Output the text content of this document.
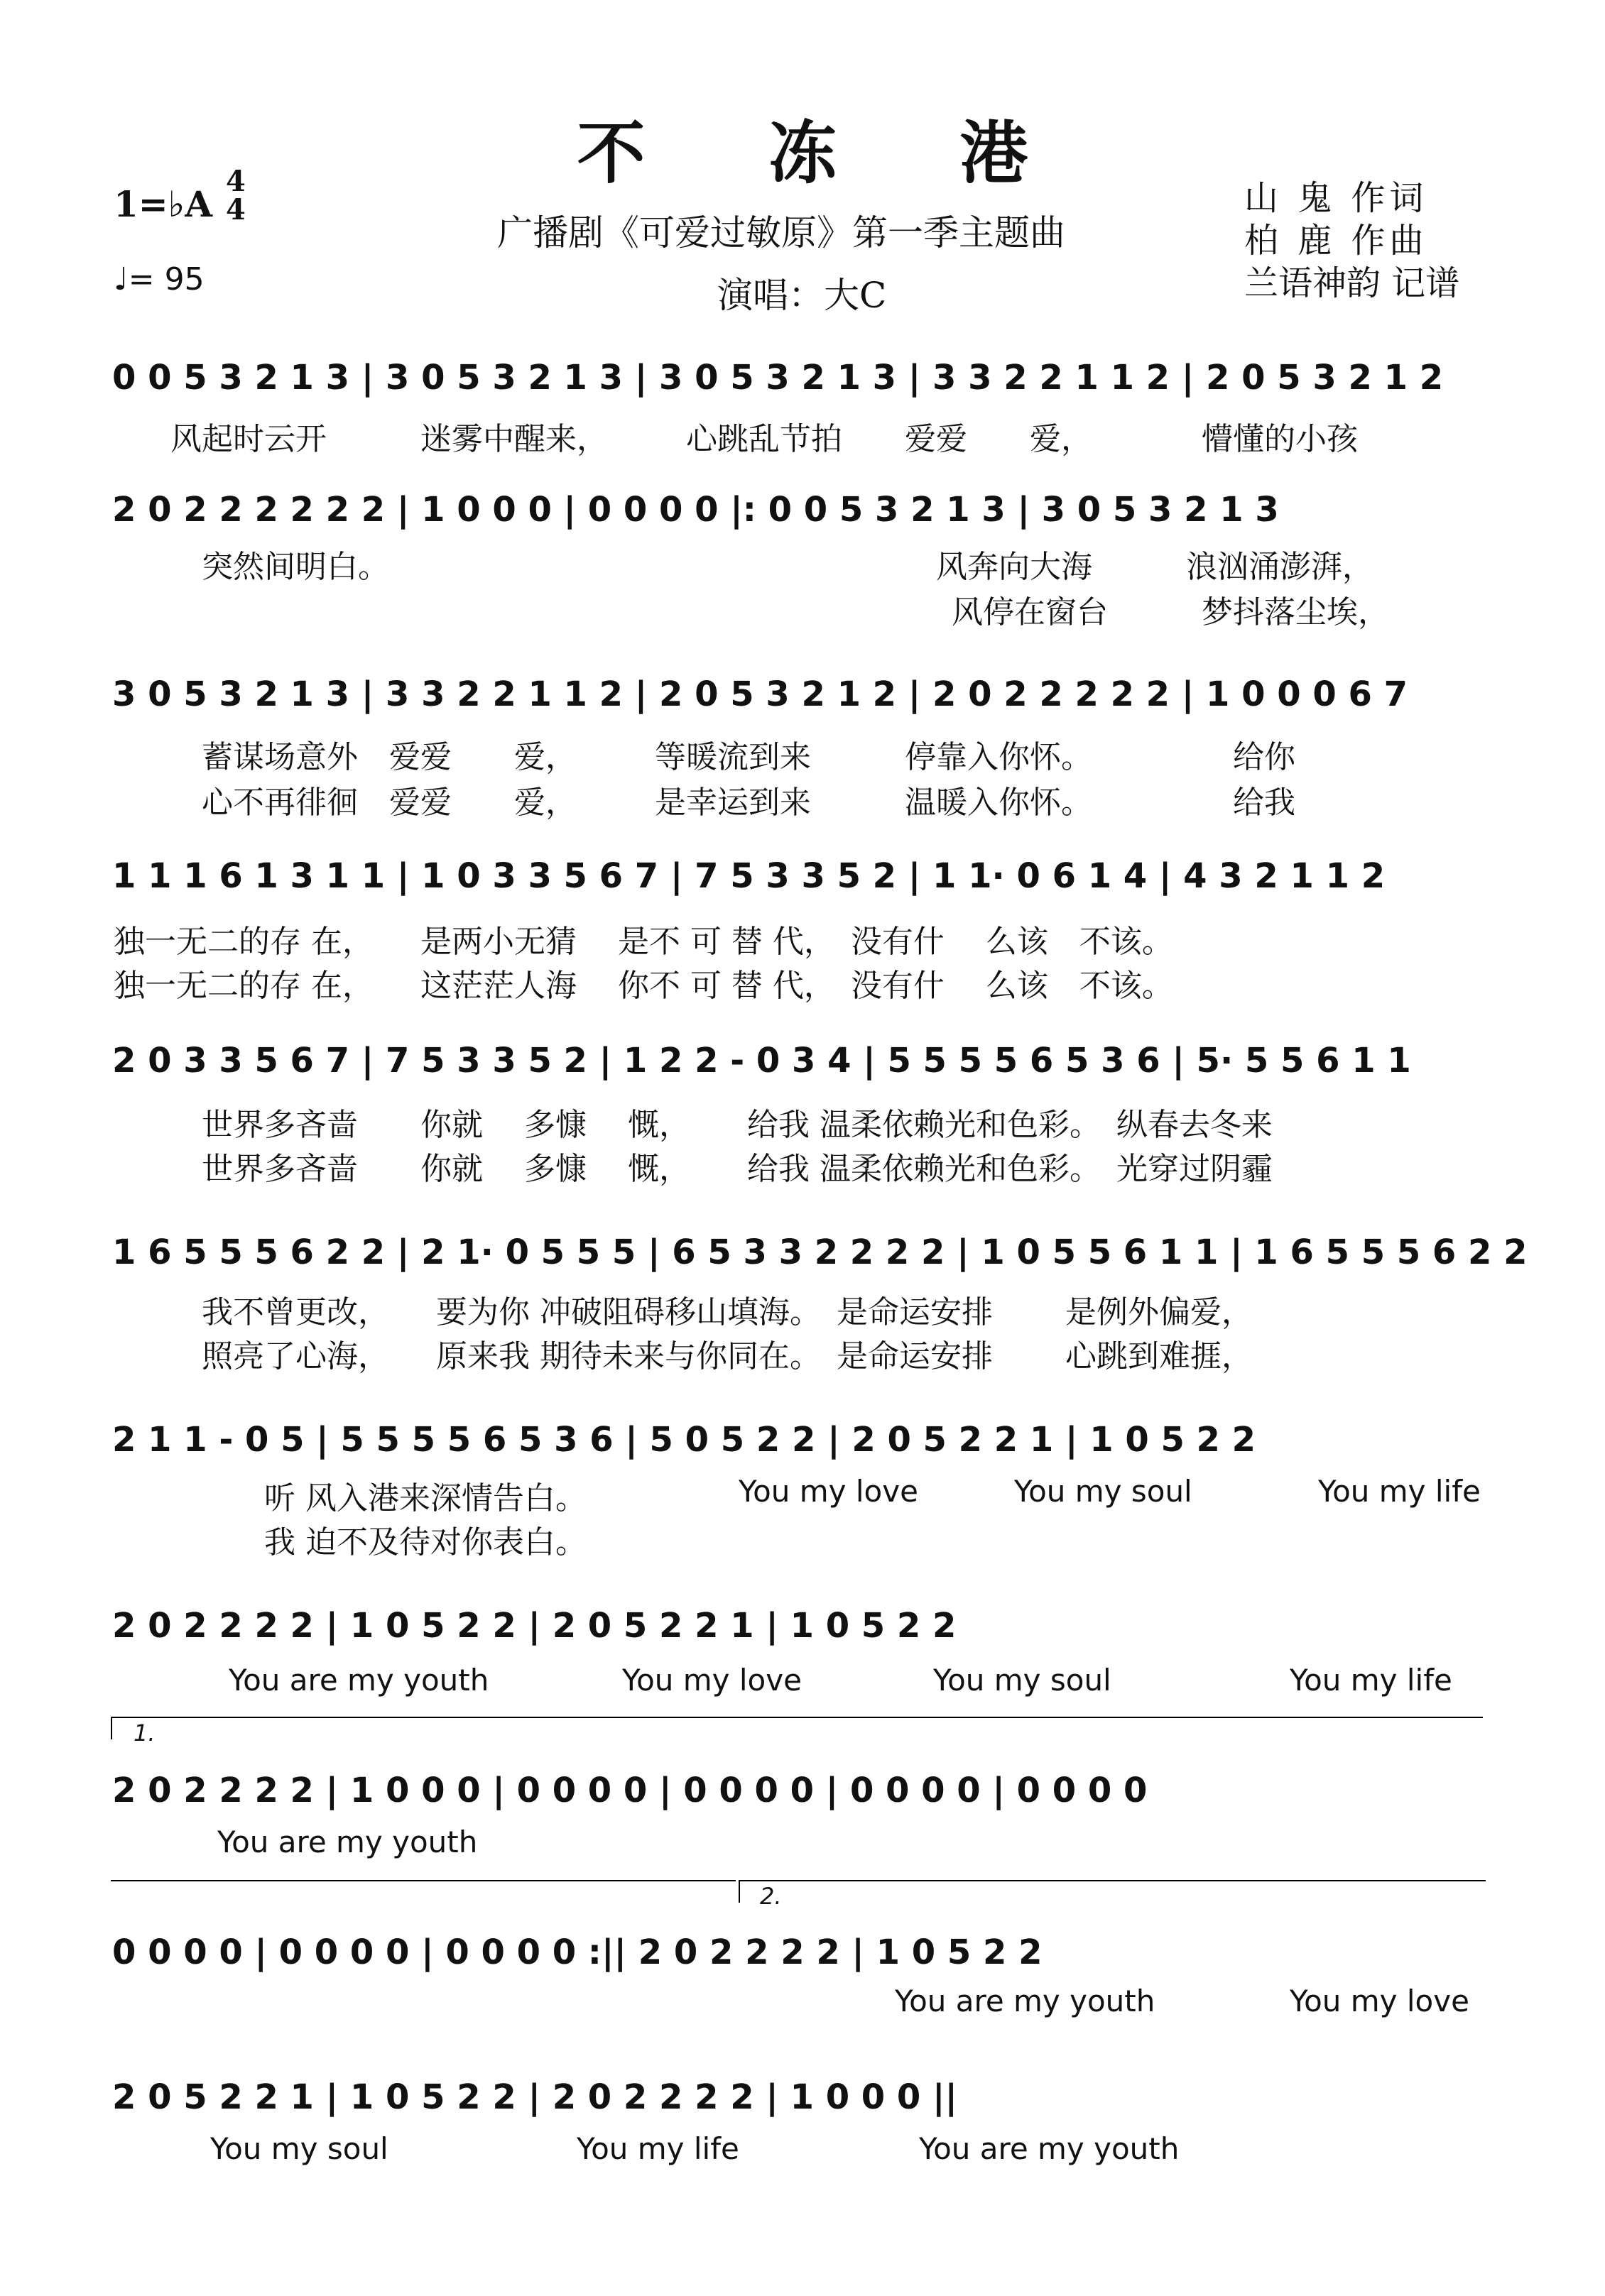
不 冻 港
1=♭A
4
4
♩= 95
广播剧《可爱过敏原》第一季主题曲
演唱：大C
山 鬼 作词
柏 鹿 作曲
兰语神韵 记谱
0 0 5 3 2 1 3 | 3 0 5 3 2 1 3 | 3 0 5 3 2 1 3 | 3 3 2 2 1 1 2 | 2 0 5 3 2 1 2
风起时云开　　　迷雾中醒来，　　　心跳乱节拍　　爱爱　　爱，　　　　懵懂的小孩
2 0 2 2 2 2 2 2 | 1 0 0 0 | 0 0 0 0 |: 0 0 5 3 2 1 3 | 3 0 5 3 2 1 3
　突然间明白。　　　　　　　　　　　　　　　　　　风奔向大海　　　浪汹涌澎湃，
　　　　　　　　　　　　　　　　　　　　　　　　　风停在窗台　　　梦抖落尘埃，
3 0 5 3 2 1 3 | 3 3 2 2 1 1 2 | 2 0 5 3 2 1 2 | 2 0 2 2 2 2 2 | 1 0 0 0 6 7
　蓄谋场意外　爱爱　　爱，　　　等暖流到来　　　停靠入你怀。　　　　　给你
　心不再徘徊　爱爱　　爱，　　　是幸运到来　　　温暖入你怀。　　　　　给我
1 1 1 6 1 3 1 1 | 1 0 3 3 5 6 7 | 7 5 3 3 5 2 | 1 1· 0 6 1 4 | 4 3 2 1 1 2
独一无二的存 在，　　是两小无猜　 是不 可 替 代，　没有什　 么该　不该。
独一无二的存 在，　　这茫茫人海　 你不 可 替 代，　没有什　 么该　不该。
2 0 3 3 5 6 7 | 7 5 3 3 5 2 | 1 2 2 - 0 3 4 | 5 5 5 5 6 5 3 6 | 5· 5 5 6 1 1
　世界多吝啬　　你就　 多慷　 慨，　　 给我 温柔依赖光和色彩。　纵春去冬来
　世界多吝啬　　你就　 多慷　 慨，　　 给我 温柔依赖光和色彩。　光穿过阴霾
1 6 5 5 5 6 2 2 | 2 1· 0 5 5 5 | 6 5 3 3 2 2 2 2 | 1 0 5 5 6 1 1 | 1 6 5 5 5 6 2 2
　我不曾更改，　　要为你 冲破阻碍移山填海。　是命运安排　　 是例外偏爱，
　照亮了心海，　　原来我 期待未来与你同在。　是命运安排　　 心跳到难捱，
2 1 1 - 0 5 | 5 5 5 5 6 5 3 6 | 5 0 5 2 2 | 2 0 5 2 2 1 | 1 0 5 2 2
　　　听 风入港来深情告白。
　　　我 迫不及待对你表白。
You my love	You my soul	You my life
2 0 2 2 2 2 | 1 0 5 2 2 | 2 0 5 2 2 1 | 1 0 5 2 2
You are my youth	You my love	You my soul	You my life
1.
2 0 2 2 2 2 | 1 0 0 0 | 0 0 0 0 | 0 0 0 0 | 0 0 0 0 | 0 0 0 0
You are my youth
2.
0 0 0 0 | 0 0 0 0 | 0 0 0 0 :|| 2 0 2 2 2 2 | 1 0 5 2 2
You are my youth	You my love
2 0 5 2 2 1 | 1 0 5 2 2 | 2 0 2 2 2 2 | 1 0 0 0 ||
You my soul	You my life	You are my youth
